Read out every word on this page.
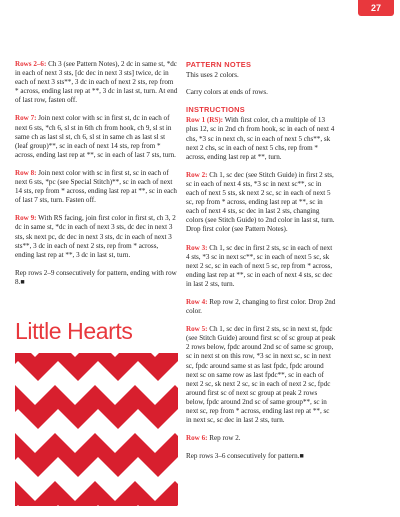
27
Rows 2–6: Ch 3 (see Pattern Notes), 2 dc in same st, *dc in each of next 3 sts, [dc dec in next 3 sts] twice, dc in each of next 3 sts**, 3 dc in each of next 2 sts, rep from * across, ending last rep at **, 3 dc in last st, turn. At end of last row, fasten off.
Row 7: Join next color with sc in first st, dc in each of next 6 sts, *ch 6, sl st in 6th ch from hook, ch 9, sl st in same ch as last sl st, ch 6, sl st in same ch as last sl st (leaf group)**, sc in each of next 14 sts, rep from * across, ending last rep at **, sc in each of last 7 sts, turn.
Row 8: Join next color with sc in first st, sc in each of next 6 sts, *pc (see Special Stitch)**, sc in each of next 14 sts, rep from * across, ending last rep at **, sc in each of last 7 sts, turn. Fasten off.
Row 9: With RS facing, join first color in first st, ch 3, 2 dc in same st, *dc in each of next 3 sts, dc dec in next 3 sts, sk next pc, dc dec in next 3 sts, dc in each of next 3 sts**, 3 dc in each of next 2 sts, rep from * across, ending last rep at **, 3 dc in last st, turn.
Rep rows 2–9 consecutively for pattern, ending with row 8.■
Little Hearts
PATTERN NOTES
This uses 2 colors.
Carry colors at ends of rows.
INSTRUCTIONS
Row 1 (RS): With first color, ch a multiple of 13 plus 12, sc in 2nd ch from hook, sc in each of next 4 chs, *3 sc in next ch, sc in each of next 5 chs**, sk next 2 chs, sc in each of next 5 chs, rep from * across, ending last rep at **, turn.
Row 2: Ch 1, sc dec (see Stitch Guide) in first 2 sts, sc in each of next 4 sts, *3 sc in next sc**, sc in each of next 5 sts, sk next 2 sc, sc in each of next 5 sc, rep from * across, ending last rep at **, sc in each of next 4 sts, sc dec in last 2 sts, changing colors (see Stitch Guide) to 2nd color in last st, turn. Drop first color (see Pattern Notes).
Row 3: Ch 1, sc dec in first 2 sts, sc in each of next 4 sts, *3 sc in next sc**, sc in each of next 5 sc, sk next 2 sc, sc in each of next 5 sc, rep from * across, ending last rep at **, sc in each of next 4 sts, sc dec in last 2 sts, turn.
Row 4: Rep row 2, changing to first color. Drop 2nd color.
Row 5: Ch 1, sc dec in first 2 sts, sc in next st, fpdc (see Stitch Guide) around first sc of sc group at peak 2 rows below, fpdc around 2nd sc of same sc group, sc in next st on this row, *3 sc in next sc, sc in next sc, fpdc around same st as last fpdc, fpdc around next sc on same row as last fpdc**, sc in each of next 2 sc, sk next 2 sc, sc in each of next 2 sc, fpdc around first sc of next sc group at peak 2 rows below, fpdc around 2nd sc of same group**, sc in next sc, rep from * across, ending last rep at **, sc in next sc, sc dec in last 2 sts, turn.
Row 6: Rep row 2.
Rep rows 3–6 consecutively for pattern.■
